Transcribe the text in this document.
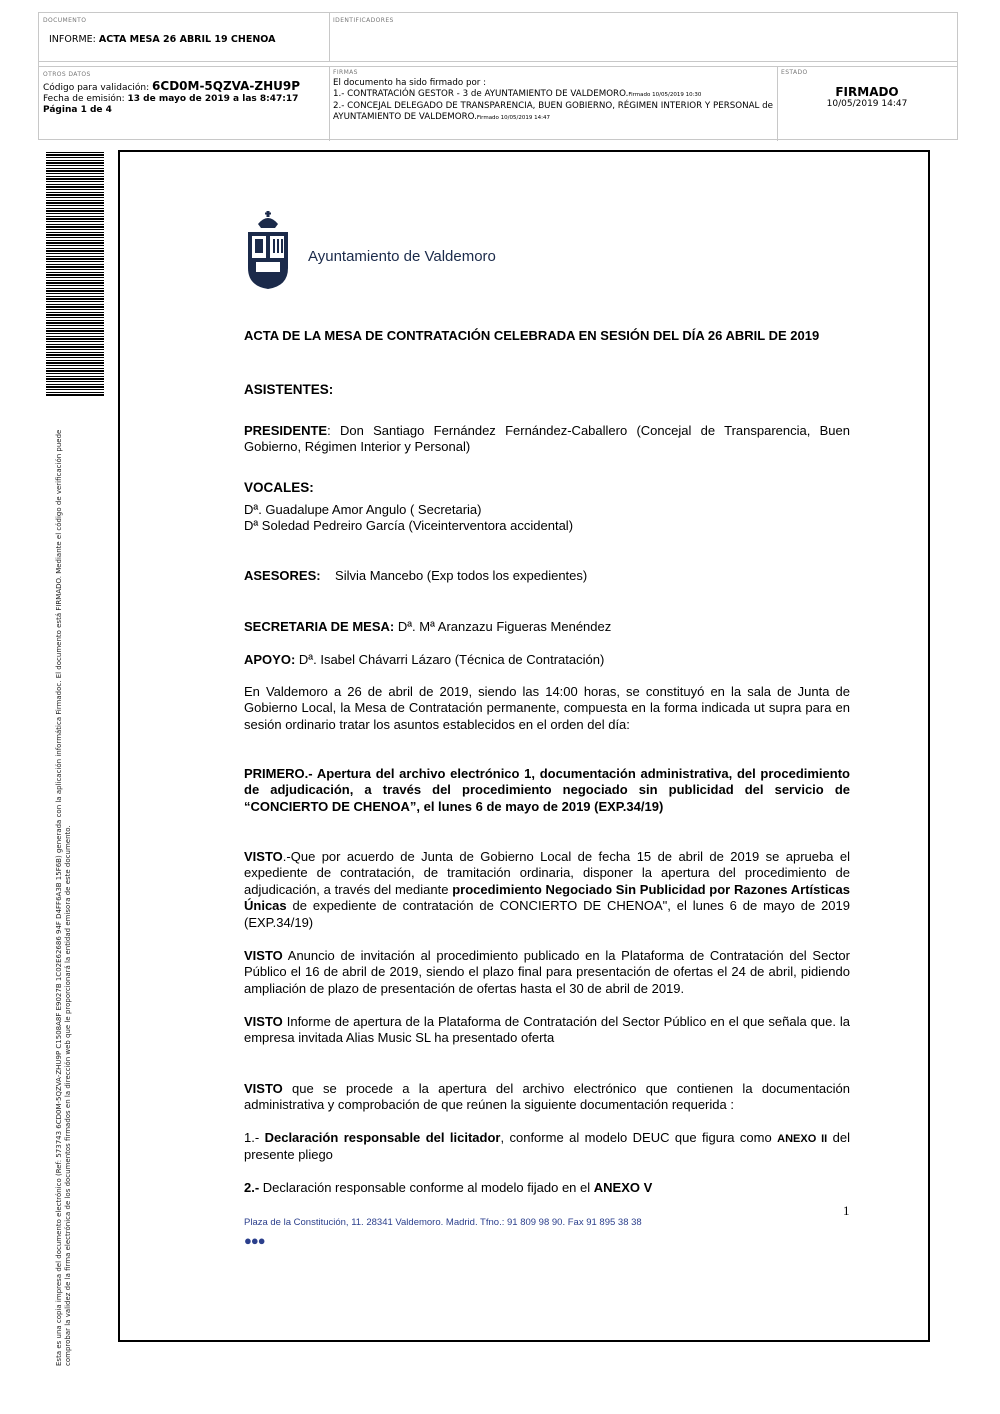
DOCUMENTO
INFORME: ACTA MESA 26 ABRIL 19 CHENOA
IDENTIFICADORES
OTROS DATOS
Código para validación: 6CD0M-5QZVA-ZHU9P
Fecha de emisión: 13 de mayo de 2019 a las 8:47:17
Página 1 de 4
FIRMAS
El documento ha sido firmado por :
1.- CONTRATACIÓN GESTOR - 3 de AYUNTAMIENTO DE VALDEMORO.Firmado 10/05/2019 10:30
2.- CONCEJAL DELEGADO DE TRANSPARENCIA, BUEN GOBIERNO, RÉGIMEN INTERIOR Y PERSONAL de AYUNTAMIENTO DE VALDEMORO.Firmado 10/05/2019 14:47
ESTADO
FIRMADO
10/05/2019 14:47
Esta es una copia impresa del documento electrónico (Ref: 573743 6CD0M-5QZVA-ZHU9P C1508A8F E9027B 1C02E62686 94F D4FF6A3B 15F6B) generada con la aplicación informática Firmadoc. El documento está FIRMADO. Mediante el código de verificación puede comprobar la validez de la firma electrónica de los documentos firmados en la dirección web que le proporcionará la entidad emisora de este documento.
Ayuntamiento de Valdemoro
ACTA DE LA MESA DE CONTRATACIÓN CELEBRADA EN SESIÓN DEL DÍA 26 ABRIL DE 2019
ASISTENTES:
PRESIDENTE: Don Santiago Fernández Fernández-Caballero (Concejal de Transparencia, Buen Gobierno, Régimen Interior y Personal)
VOCALES:
Dª. Guadalupe Amor Angulo ( Secretaria)
Dª Soledad Pedreiro García (Viceinterventora accidental)
ASESORES: Silvia Mancebo (Exp todos los expedientes)
SECRETARIA DE MESA: Dª. Mª Aranzazu Figueras Menéndez
APOYO: Dª. Isabel Chávarri Lázaro (Técnica de Contratación)
En Valdemoro a 26 de abril de 2019, siendo las 14:00 horas, se constituyó en la sala de Junta de Gobierno Local, la Mesa de Contratación permanente, compuesta en la forma indicada ut supra para en sesión ordinario tratar los asuntos establecidos en el orden del día:
PRIMERO.- Apertura del archivo electrónico 1, documentación administrativa, del procedimiento de adjudicación, a través del procedimiento negociado sin publicidad del servicio de “CONCIERTO DE CHENOA”, el lunes 6 de mayo de 2019 (EXP.34/19)
VISTO.-Que por acuerdo de Junta de Gobierno Local de fecha 15 de abril de 2019 se aprueba el expediente de contratación, de tramitación ordinaria, disponer la apertura del procedimiento de adjudicación, a través del mediante procedimiento Negociado Sin Publicidad por Razones Artísticas Únicas de expediente de contratación de CONCIERTO DE CHENOA", el lunes 6 de mayo de 2019 (EXP.34/19)
VISTO Anuncio de invitación al procedimiento publicado en la Plataforma de Contratación del Sector Público el 16 de abril de 2019, siendo el plazo final para presentación de ofertas el 24 de abril, pidiendo ampliación de plazo de presentación de ofertas hasta el 30 de abril de 2019.
VISTO Informe de apertura de la Plataforma de Contratación del Sector Público en el que señala que. la empresa invitada Alias Music SL ha presentado oferta
VISTO que se procede a la apertura del archivo electrónico que contienen la documentación administrativa y comprobación de que reúnen la siguiente documentación requerida :
1.- Declaración responsable del licitador, conforme al modelo DEUC que figura como ANEXO II del presente pliego
2.- Declaración responsable conforme al modelo fijado en el ANEXO V
1
Plaza de la Constitución, 11. 28341 Valdemoro. Madrid. Tfno.: 91 809 98 90. Fax 91 895 38 38
●●●
